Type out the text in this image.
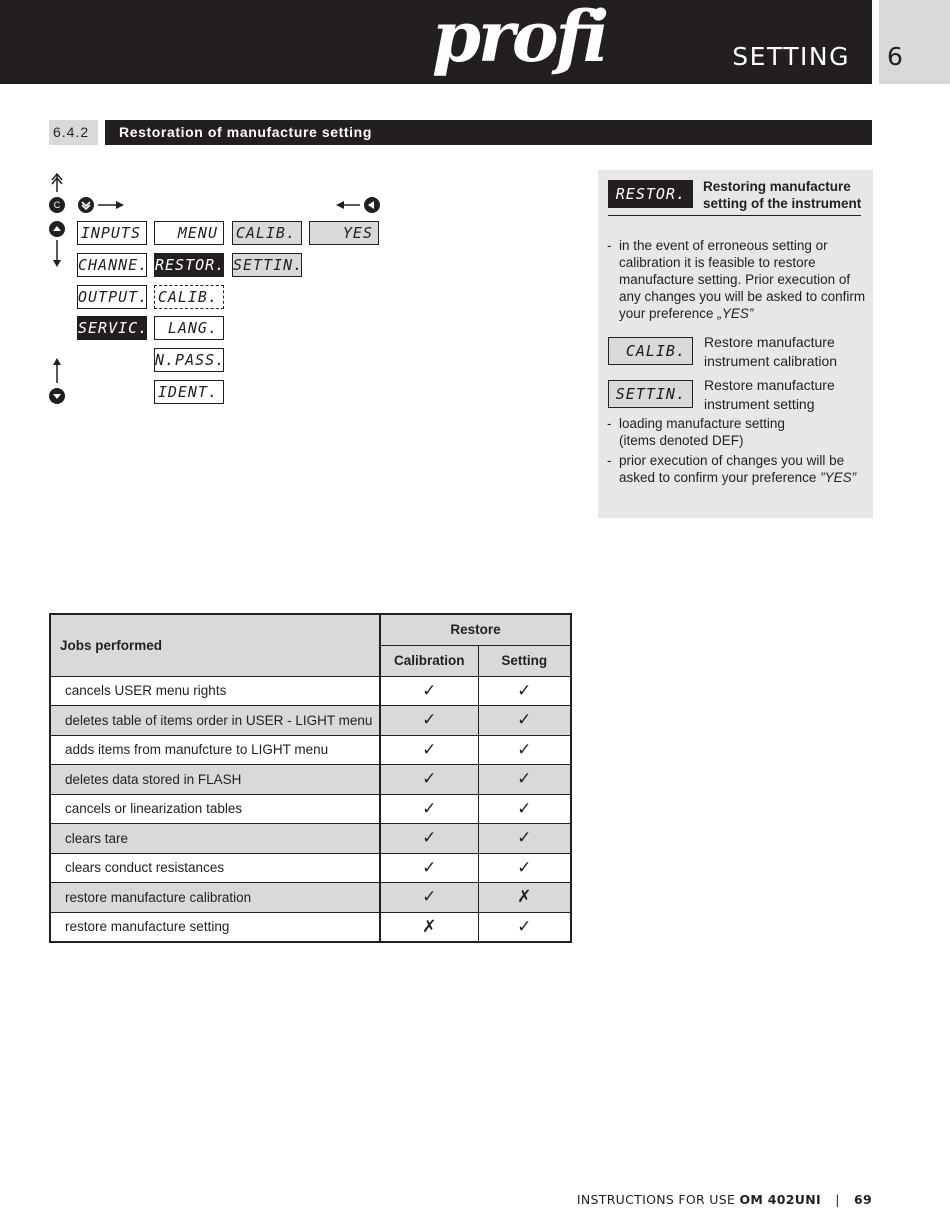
profi	SETTING 6
6.4.2	Restoration of manufacture setting
C
INPUTS
CHANNE.
OUTPUT.
SERVIC.
MENU
RESTOR.
CALIB.
LANG.
N.PASS.
IDENT.
CALIB.
SETTIN.
YES
RESTOR.	Restoring manufacture setting of the instrument
- in the event of erroneous setting or calibration it is feasible to restore manufacture setting. Prior execution of any changes you will be asked to confirm your preference „YES”
CALIB.	Restore manufacture instrument calibration
SETTIN.	Restore manufacture instrument setting
- loading manufacture setting
(items denoted DEF)
- prior execution of changes you will be asked to confirm your preference ”YES”
Jobs performed	Restore	
	Calibration	Setting
cancels USER menu rights	✓	✓
deletes table of items order in USER - LIGHT menu	✓	✓
adds items from manufcture to LIGHT menu	✓	✓
deletes data stored in FLASH	✓	✓
cancels or linearization tables	✓	✓
clears tare	✓	✓
clears conduct resistances	✓	✓
restore manufacture calibration	✓	✗
restore manufacture setting	✗	✓
INSTRUCTIONS FOR USE OM 402UNI | 69
